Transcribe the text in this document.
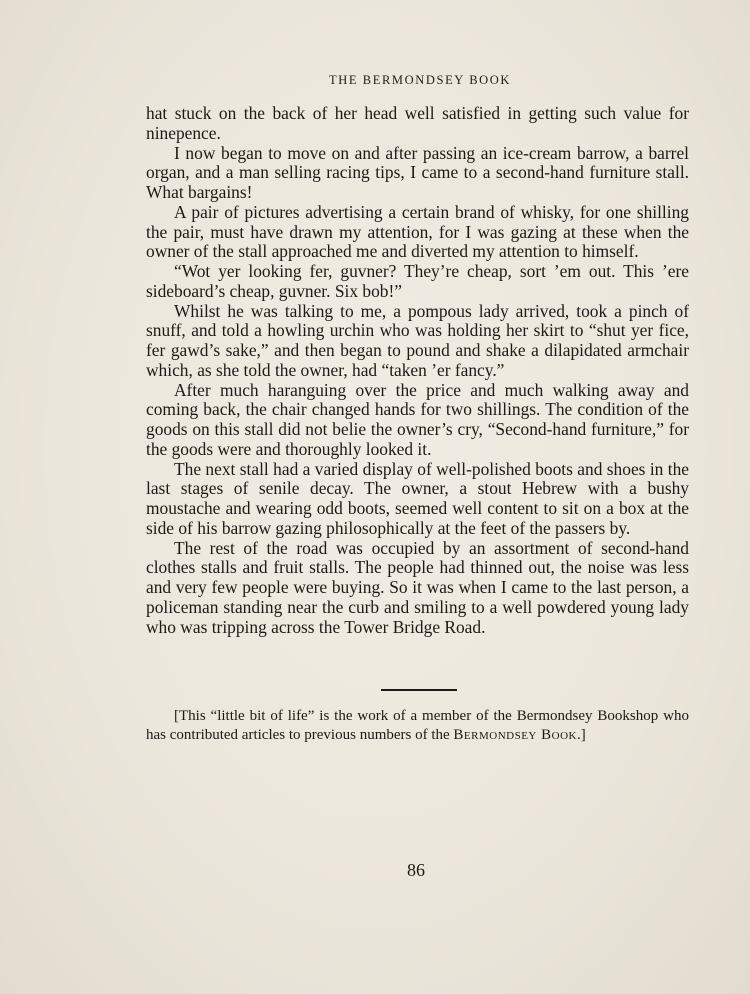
THE BERMONDSEY BOOK

hat stuck on the back of her head well satisfied in getting such value for ninepence.

I now began to move on and after passing an ice-cream barrow, a barrel organ, and a man selling racing tips, I came to a second-hand furniture stall. What bargains!

A pair of pictures advertising a certain brand of whisky, for one shilling the pair, must have drawn my attention, for I was gazing at these when the owner of the stall approached me and diverted my attention to himself.

“Wot yer looking fer, guvner? They’re cheap, sort ’em out. This ’ere sideboard’s cheap, guvner. Six bob!”

Whilst he was talking to me, a pompous lady arrived, took a pinch of snuff, and told a howling urchin who was holding her skirt to “shut yer fice, fer gawd’s sake,” and then began to pound and shake a dilapidated armchair which, as she told the owner, had “taken ’er fancy.”

After much haranguing over the price and much walking away and coming back, the chair changed hands for two shillings. The condition of the goods on this stall did not belie the owner’s cry, “Second-hand furniture,” for the goods were and thoroughly looked it.

The next stall had a varied display of well-polished boots and shoes in the last stages of senile decay. The owner, a stout Hebrew with a bushy moustache and wearing odd boots, seemed well content to sit on a box at the side of his barrow gazing philosophically at the feet of the passers by.

The rest of the road was occupied by an assortment of second-hand clothes stalls and fruit stalls. The people had thinned out, the noise was less and very few people were buying. So it was when I came to the last person, a policeman standing near the curb and smiling to a well powdered young lady who was tripping across the Tower Bridge Road.

[This “little bit of life” is the work of a member of the Bermondsey Bookshop who has contributed articles to previous numbers of the Bermondsey Book.]
86
